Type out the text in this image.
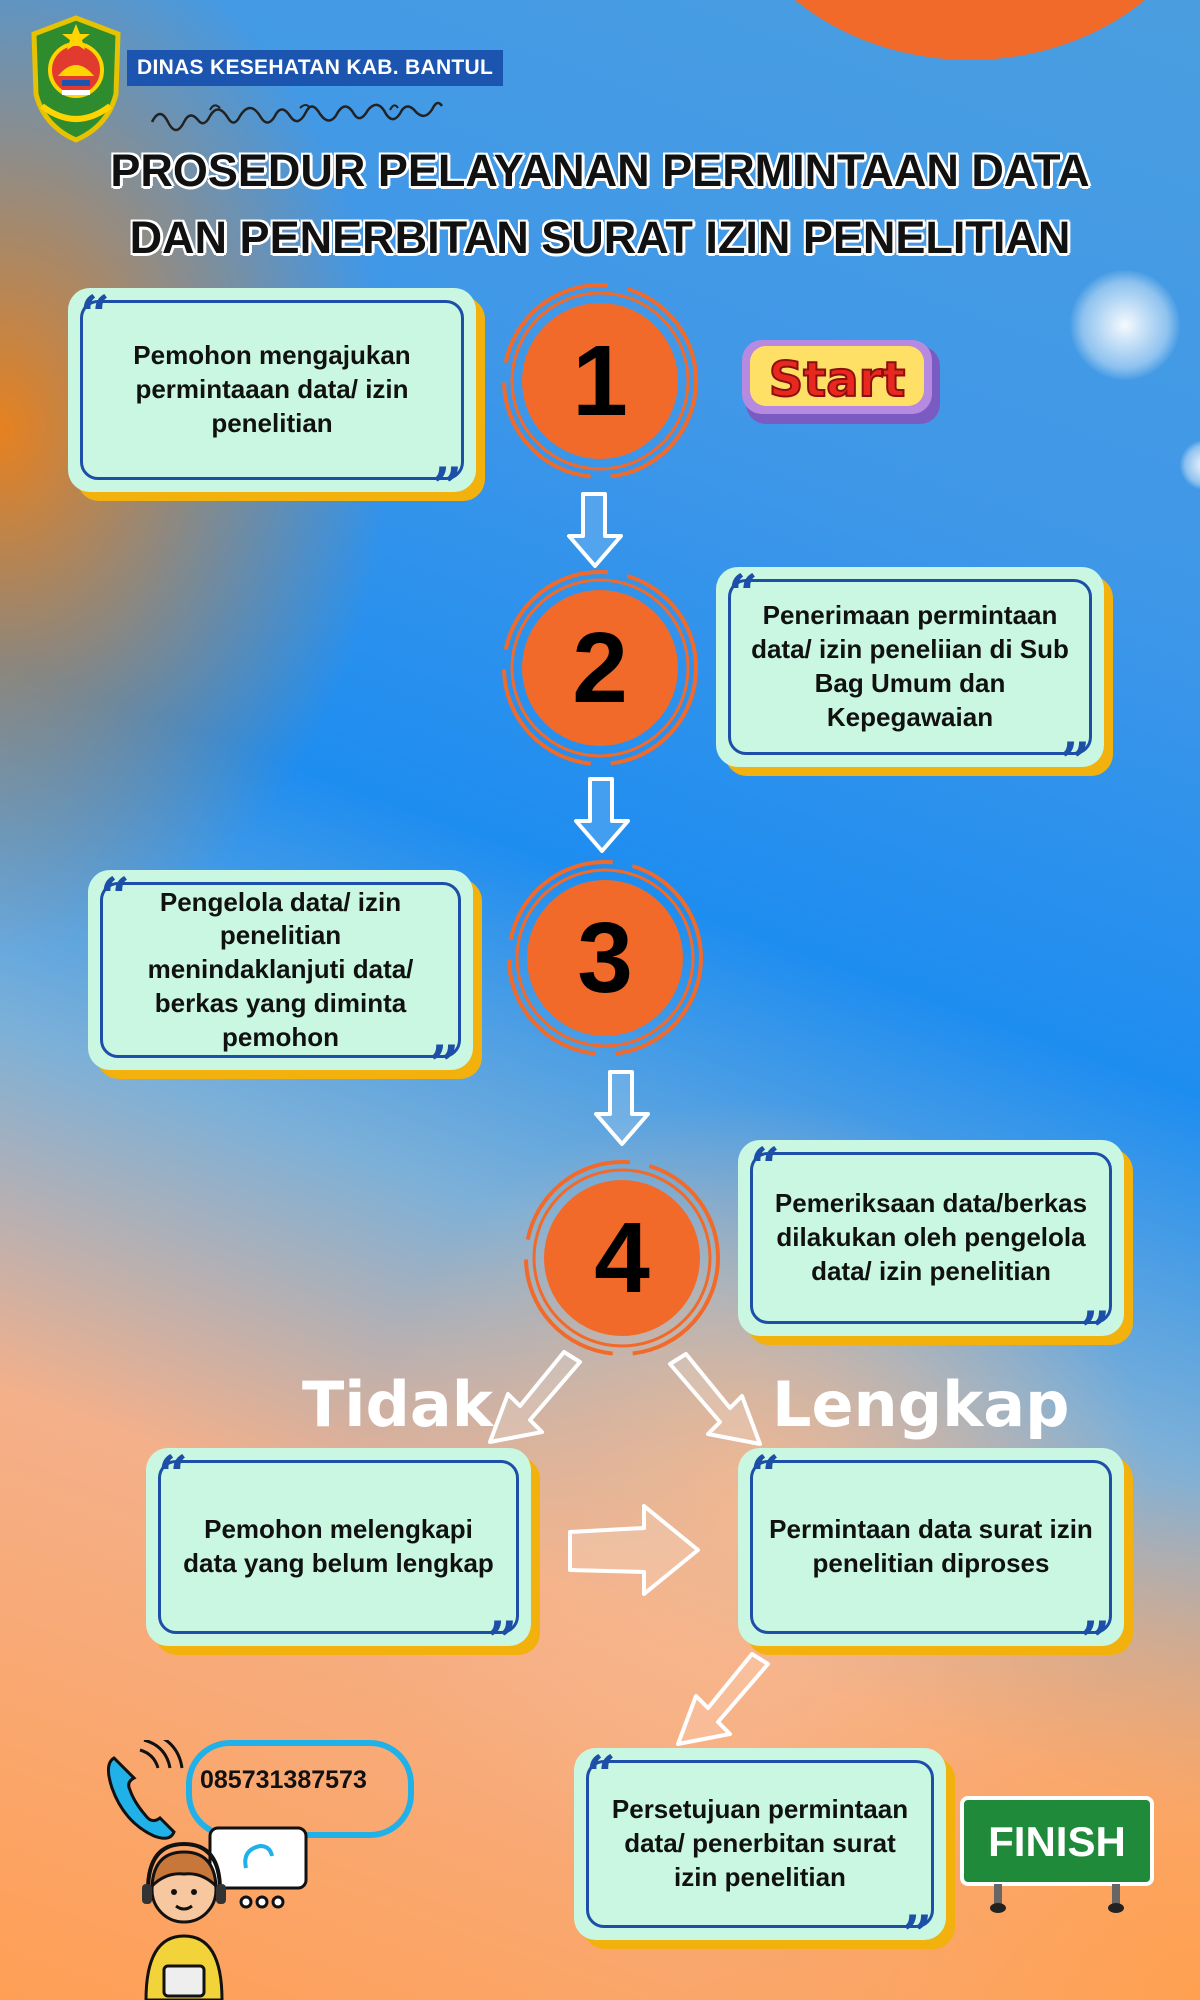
DINAS KESEHATAN KAB. BANTUL
PROSEDUR PELAYANAN PERMINTAAN DATA
DAN PENERBITAN SURAT IZIN PENELITIAN
Start
1
2
3
4
“
”
Pemohon mengajukan permintaaan data/ izin penelitian
“
”
Penerimaan permintaan data/ izin peneliian di Sub Bag Umum dan Kepegawaian
“
”
Pengelola data/ izin penelitian menindaklanjuti data/ berkas yang diminta pemohon
“
”
Pemeriksaan data/berkas dilakukan oleh pengelola data/ izin penelitian
Tidak	Lengkap
“
”
Pemohon melengkapi data yang belum lengkap
“
”
Permintaan data surat izin penelitian diproses
“
”
Persetujuan permintaan data/ penerbitan surat izin penelitian
FINISH
085731387573
